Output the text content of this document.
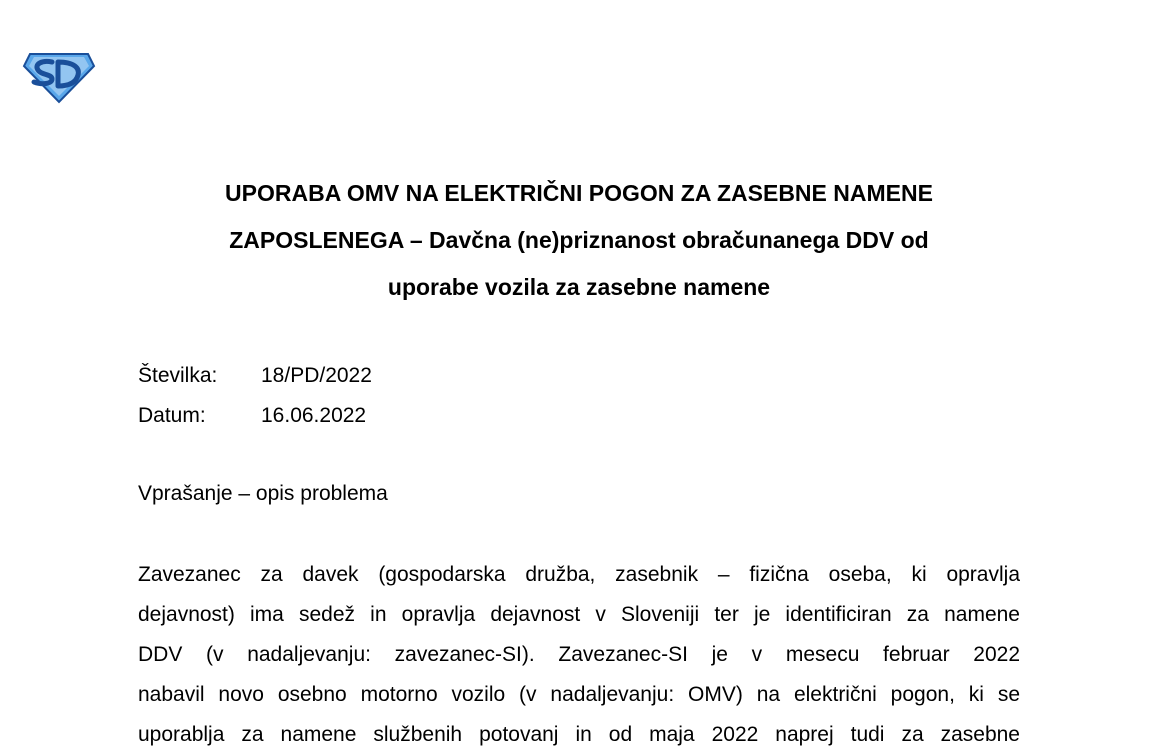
UPORABA OMV NA ELEKTRIČNI POGON ZA ZASEBNE NAMENE
ZAPOSLENEGA – Davčna (ne)priznanost obračunanega DDV od
uporabe vozila za zasebne namene
Številka:	18/PD/2022
Datum:	16.06.2022
Vprašanje – opis problema
Zavezanec za davek (gospodarska družba, zasebnik – fizična oseba, ki opravlja
dejavnost) ima sedež in opravlja dejavnost v Sloveniji ter je identificiran za namene
DDV (v nadaljevanju: zavezanec-SI). Zavezanec-SI je v mesecu februar 2022
nabavil novo osebno motorno vozilo (v nadaljevanju: OMV) na električni pogon, ki se
uporablja za namene službenih potovanj in od maja 2022 naprej tudi za zasebne
